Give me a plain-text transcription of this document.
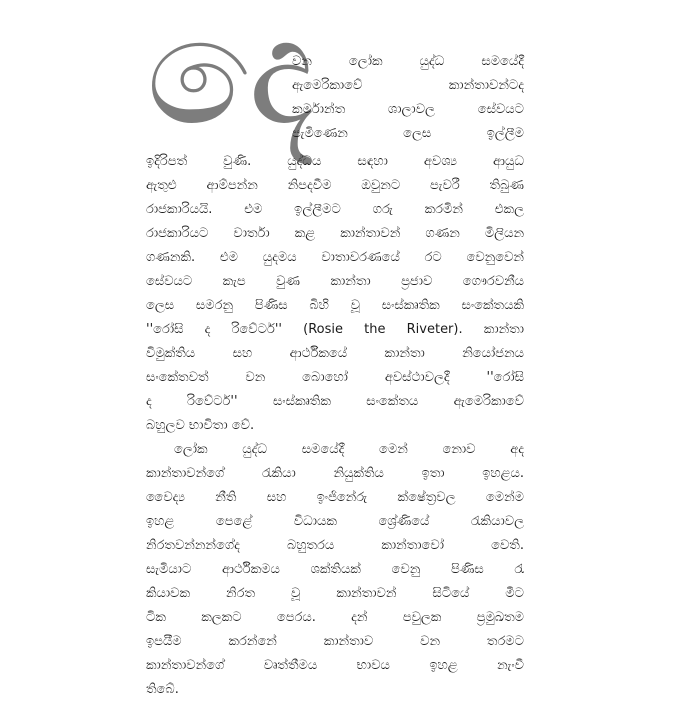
දෙ
වන ලෝක යුද්ධ සමයේදී
ඇමෙරිකාවේ කාන්තාවන්ටද
කර්මාන්ත ශාලාවල සේවයට
පැමිණෙන ලෙස ඉල්ලීම
ඉදිරිපත් වුණි. යුද්ධය සඳහා අවශ්‍ය ආයුධ
ඇතුළු ආම්පන්න නිපදවීම ඔවුනට පැවරී තිබුණ
රාජකාරියයි. එම ඉල්ලීමට ගරු කරමින් එකල
රාජකාරියට වාර්තා කළ කාන්තාවන් ගණන මිලියන
ගණනකි. එම යුදමය වාතාවරණයේ රට වෙනුවෙන්
සේවයට කැප වුණ කාන්තා ප්‍රජාව ගෞරවනීය
ලෙස සමරනු පිණිස බිහි වූ සංස්කෘතික සංකේතයකි
''රෝසි ද රිවේටර්'' (Rosie the Riveter). කාන්තා
විමුක්තිය සහ ආර්ථිකයේ කාන්තා නියෝජනය
සංකේතවත් වන බොහෝ අවස්ථාවලදී ''රෝසි
ද රිවේටර්'' සංස්කෘතික සංකේතය ඇමෙරිකාවේ
බහුලව භාවිතා වේ.
ලෝක යුද්ධ සමයේදී මෙන් නොව අද
කාන්තාවන්ගේ රැකියා නියුක්තිය ඉතා ඉහළය.
වෛද්‍ය නීති සහ ඉංජිනේරු ක්ෂේත්‍රවල මෙන්ම
ඉහළ පෙළේ විධායක ශ්‍රේණියේ රැකියාවල
නිරතවන්නන්ගේද බහුතරය කාන්තාවෝ වෙති.
සැමියාට ආර්ථිකමය ශක්තියක් වෙනු පිණිස රැ
කියාවක නිරත වූ කාන්තාවන් සිටියේ මීට
ටික කලකට පෙරය. දන් පවුලක ප්‍රමුඛතම
ඉපයීම කරන්නේ කාන්තාව වන තරමට
කාන්තාවන්ගේ වෘත්තීමය භාවය ඉහළ නැංවී
තිබේ.
